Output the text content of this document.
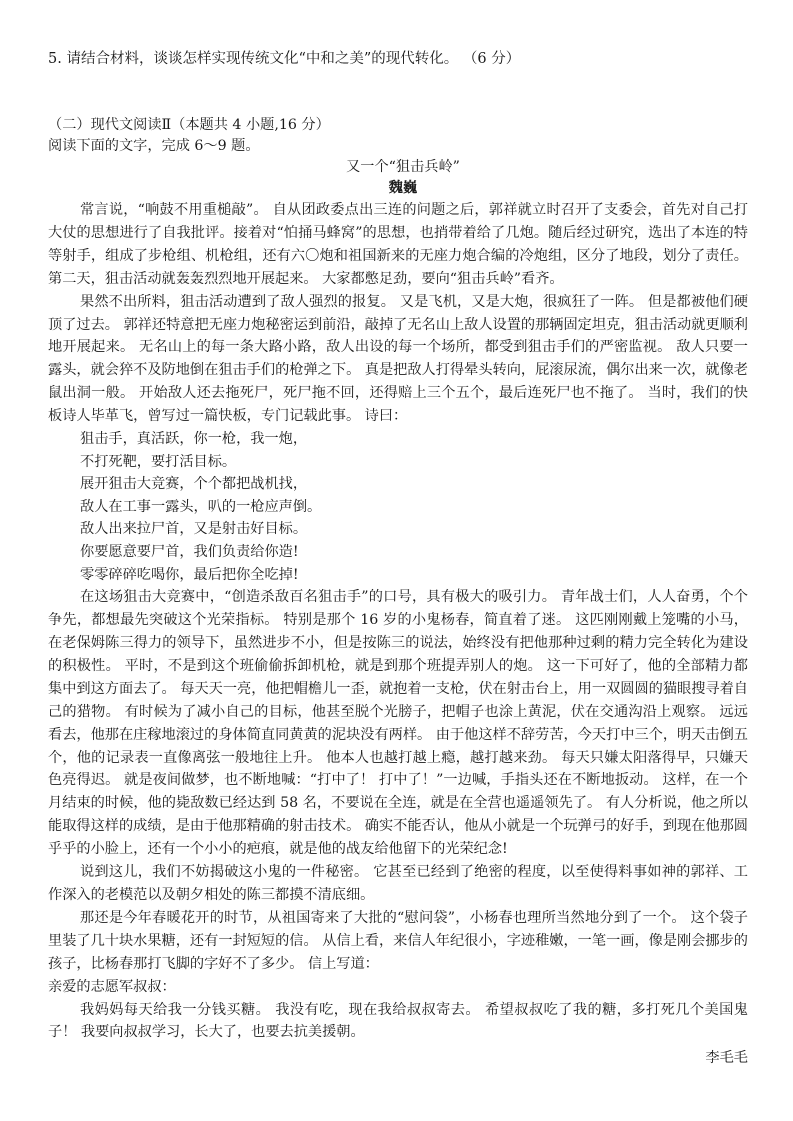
5. 请结合材料，谈谈怎样实现传统文化“中和之美”的现代转化。 （6 分）
（二）现代文阅读Ⅱ（本题共 4 小题,16 分）
阅读下面的文字，完成 6～9 题。
又一个“狙击兵岭”
魏巍

常言说，“响鼓不用重槌敲”。 自从团政委点出三连的问题之后，郭祥就立时召开了支委会，首先对自己打大仗的思想进行了自我批评。接着对“怕捅马蜂窝”的思想，也捎带着给了几炮。随后经过研究，选出了本连的特等射手，组成了步枪组、机枪组，还有六〇炮和祖国新来的无座力炮合编的冷炮组，区分了地段，划分了责任。 第二天，狙击活动就轰轰烈烈地开展起来。 大家都憋足劲，要向“狙击兵岭”看齐。

果然不出所料，狙击活动遭到了敌人强烈的报复。 又是飞机，又是大炮，很疯狂了一阵。 但是都被他们硬顶了过去。 郭祥还特意把无座力炮秘密运到前沿，敲掉了无名山上敌人设置的那辆固定坦克，狙击活动就更顺利地开展起来。 无名山上的每一条大路小路，敌人出设的每一个场所，都受到狙击手们的严密监视。 敌人只要一露头，就会猝不及防地倒在狙击手们的枪弹之下。 真是把敌人打得晕头转向，屁滚尿流，偶尔出来一次，就像老鼠出洞一般。 开始敌人还去拖死尸，死尸拖不回，还得赔上三个五个，最后连死尸也不拖了。 当时，我们的快板诗人毕革飞，曾写过一篇快板，专门记载此事。 诗曰：

狙击手，真活跃，你一枪，我一炮，
不打死靶，要打活目标。
展开狙击大竞赛，个个都把战机找，
敌人在工事一露头，叭的一枪应声倒。
敌人出来拉尸首，又是射击好目标。
你要愿意要尸首，我们负责给你造!
零零碎碎吃喝你，最后把你全吃掉!

在这场狙击大竞赛中，“创造杀敌百名狙击手”的口号，具有极大的吸引力。 青年战士们，人人奋勇，个个争先，都想最先突破这个光荣指标。 特别是那个 16 岁的小鬼杨春，简直着了迷。 这匹刚刚戴上笼嘴的小马，在老保姆陈三得力的领导下，虽然进步不小，但是按陈三的说法，始终没有把他那种过剩的精力完全转化为建设的积极性。 平时，不是到这个班偷偷拆卸机枪，就是到那个班提弄别人的炮。 这一下可好了，他的全部精力都集中到这方面去了。 每天天一亮，他把帽檐儿一歪，就抱着一支枪，伏在射击台上，用一双圆圆的猫眼搜寻着自己的猎物。 有时候为了减小自己的目标，他甚至脱个光膀子，把帽子也涂上黄泥，伏在交通沟沿上观察。 远远看去，他那在庄稼地滚过的身体简直同黄黄的泥块没有两样。 由于他这样不辞劳苦，今天打中三个，明天击倒五个，他的记录表一直像离弦一般地往上升。 他本人也越打越上瘾，越打越来劲。 每天只嫌太阳落得早，只嫌天色亮得迟。 就是夜间做梦，也不断地喊：“打中了！ 打中了！”一边喊，手指头还在不断地扳动。 这样，在一个月结束的时候，他的毙敌数已经达到 58 名，不要说在全连，就是在全营也遥遥领先了。 有人分析说，他之所以能取得这样的成绩，是由于他那精确的射击技术。 确实不能否认，他从小就是一个玩弹弓的好手，到现在他那圆乎乎的小脸上，还有一个小小的疤痕，就是他的战友给他留下的光荣纪念!

说到这儿，我们不妨揭破这小鬼的一件秘密。 它甚至已经到了绝密的程度，以至使得料事如神的郭祥、工作深入的老模范以及朝夕相处的陈三都摸不清底细。

那还是今年春暖花开的时节，从祖国寄来了大批的“慰问袋”，小杨春也理所当然地分到了一个。 这个袋子里装了几十块水果糖，还有一封短短的信。 从信上看，来信人年纪很小，字迹稚嫩，一笔一画，像是刚会挪步的孩子，比杨春那打飞脚的字好不了多少。 信上写道：

亲爱的志愿军叔叔：

我妈妈每天给我一分钱买糖。 我没有吃，现在我给叔叔寄去。 希望叔叔吃了我的糖，多打死几个美国鬼子！ 我要向叔叔学习，长大了，也要去抗美援朝。

李毛毛
